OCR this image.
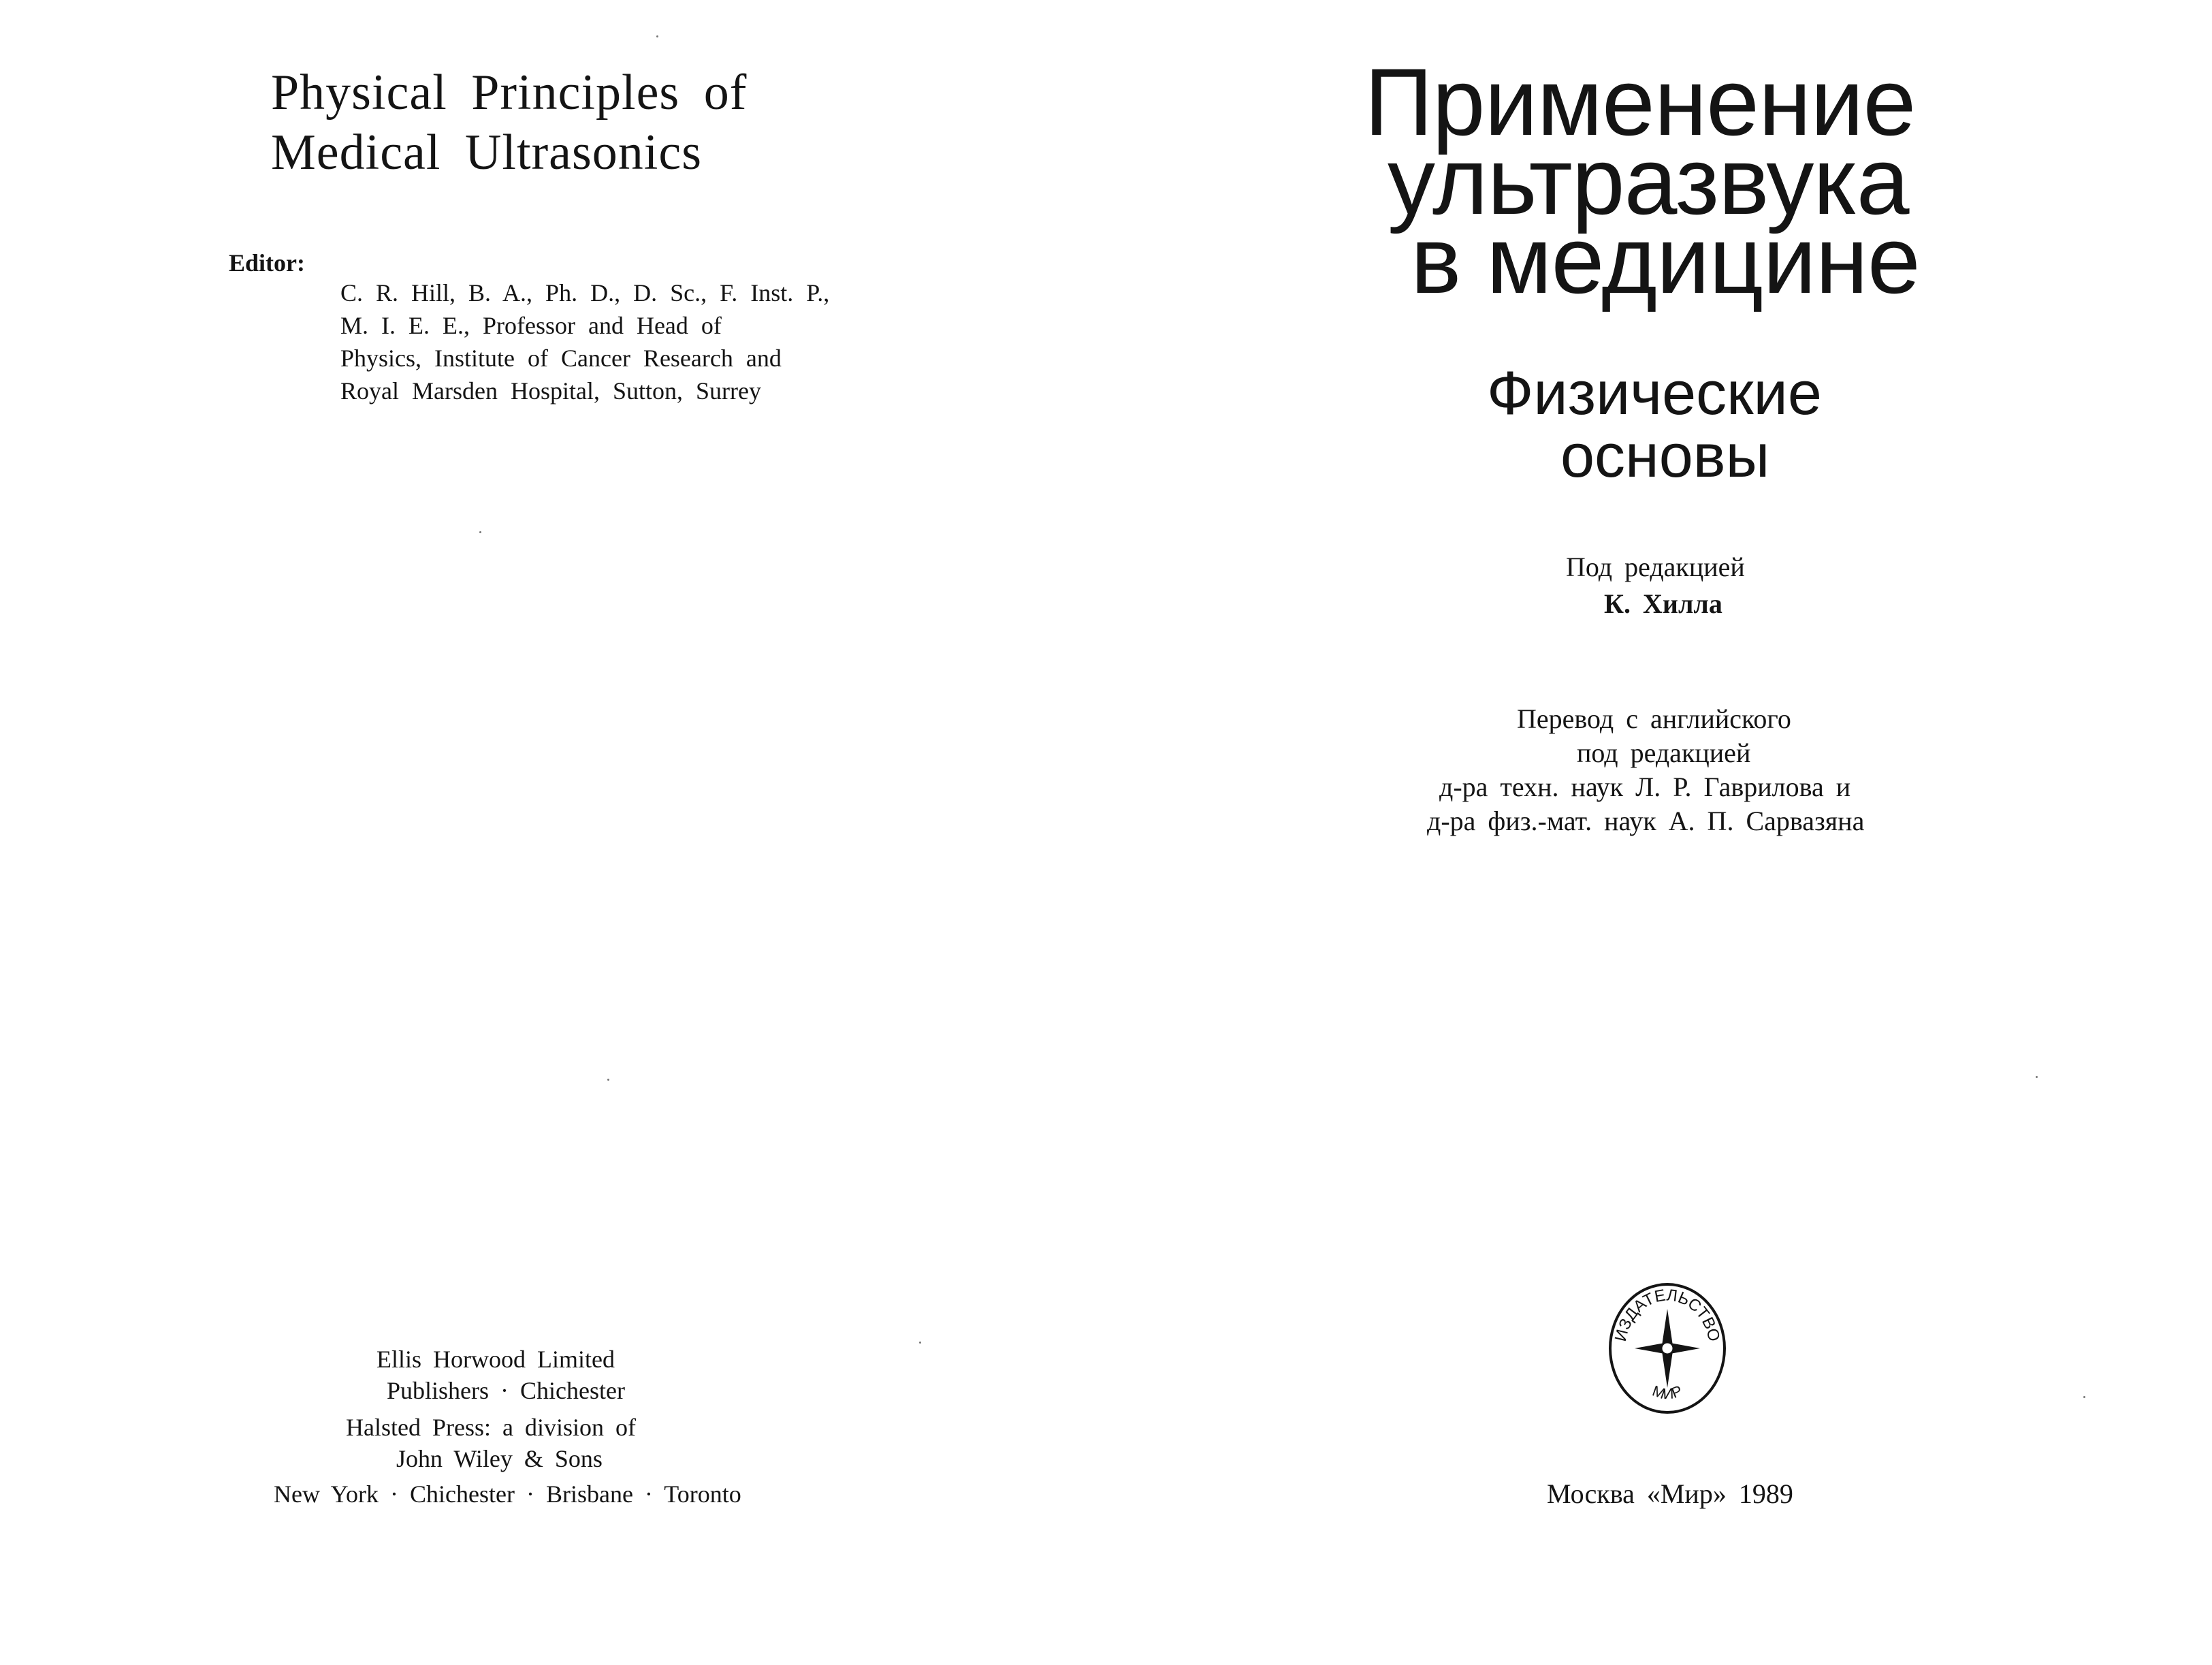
Physical Principles of
Medical Ultrasonics
Editor:
C. R. Hill, B. A., Ph. D., D. Sc., F. Inst. P.,
M. I. E. E., Professor and Head of
Physics, Institute of Cancer Research and
Royal Marsden Hospital, Sutton, Surrey
Ellis Horwood Limited
Publishers · Chichester
Halsted Press: a division of
John Wiley & Sons
New York · Chichester · Brisbane · Toronto
Применение
ультразвука
в медицине
Физические
основы
Под редакцией
К. Хилла
Перевод с английского
под редакцией
д-ра техн. наук Л. Р. Гаврилова и
д-ра физ.-мат. наук А. П. Сарвазяна
ИЗДАТЕЛЬСТВО
МИР
Москва «Мир» 1989
